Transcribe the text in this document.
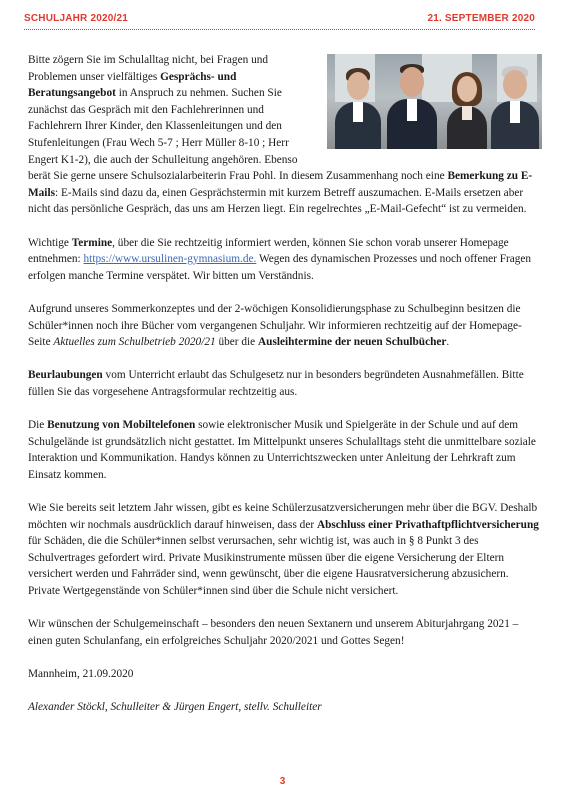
SCHULJAHR 2020/21	21. SEPTEMBER 2020

Bitte zögern Sie im Schulalltag nicht, bei Fragen und Problemen unser vielfältiges Gesprächs- und Beratungsangebot in Anspruch zu nehmen. Suchen Sie zunächst das Gespräch mit den Fachlehrerinnen und Fachlehrern Ihrer Kinder, den Klassenleitungen und den Stufenleitungen (Frau Wech 5-7 ; Herr Müller 8-10 ; Herr Engert K1-2), die auch der Schulleitung angehören. Ebenso berät Sie gerne unsere Schulsozialarbeiterin Frau Pohl. In diesem Zusammenhang noch eine Bemerkung zu E-Mails: E-Mails sind dazu da, einen Gesprächstermin mit kurzem Betreff auszumachen. E-Mails ersetzen aber nicht das persönliche Gespräch, das uns am Herzen liegt. Ein regelrechtes „E-Mail-Gefecht“ ist zu vermeiden.

Wichtige Termine, über die Sie rechtzeitig informiert werden, können Sie schon vorab unserer Homepage entnehmen: https://www.ursulinen-gymnasium.de. Wegen des dynamischen Prozesses und noch offener Fragen erfolgen manche Termine verspätet. Wir bitten um Verständnis.

Aufgrund unseres Sommerkonzeptes und der 2-wöchigen Konsolidierungsphase zu Schulbeginn besitzen die Schüler*innen noch ihre Bücher vom vergangenen Schuljahr. Wir informieren rechtzeitig auf der Homepage-Seite Aktuelles zum Schulbetrieb 2020/21 über die Ausleihtermine der neuen Schulbücher.

Beurlaubungen vom Unterricht erlaubt das Schulgesetz nur in besonders begründeten Ausnahmefällen. Bitte füllen Sie das vorgesehene Antragsformular rechtzeitig aus.

Die Benutzung von Mobiltelefonen sowie elektronischer Musik und Spielgeräte in der Schule und auf dem Schulgelände ist grundsätzlich nicht gestattet. Im Mittelpunkt unseres Schulalltags steht die unmittelbare soziale Interaktion und Kommunikation. Handys können zu Unterrichtszwecken unter Anleitung der Lehrkraft zum Einsatz kommen.

Wie Sie bereits seit letztem Jahr wissen, gibt es keine Schülerzusatzversicherungen mehr über die BGV. Deshalb möchten wir nochmals ausdrücklich darauf hinweisen, dass der Abschluss einer Privathaftpflichtversicherung für Schäden, die die Schüler*innen selbst verursachen, sehr wichtig ist, was auch in § 8 Punkt 3 des Schulvertrages gefordert wird. Private Musikinstrumente müssen über die eigene Versicherung der Eltern versichert werden und Fahrräder sind, wenn gewünscht, über die eigene Hausratversicherung abzusichern. Private Wertgegenstände von Schüler*innen sind über die Schule nicht versichert.

Wir wünschen der Schulgemeinschaft – besonders den neuen Sextanern und unserem Abiturjahrgang 2021 – einen guten Schulanfang, ein erfolgreiches Schuljahr 2020/2021 und Gottes Segen!

Mannheim, 21.09.2020

Alexander Stöckl, Schulleiter & Jürgen Engert, stellv. Schulleiter

3
